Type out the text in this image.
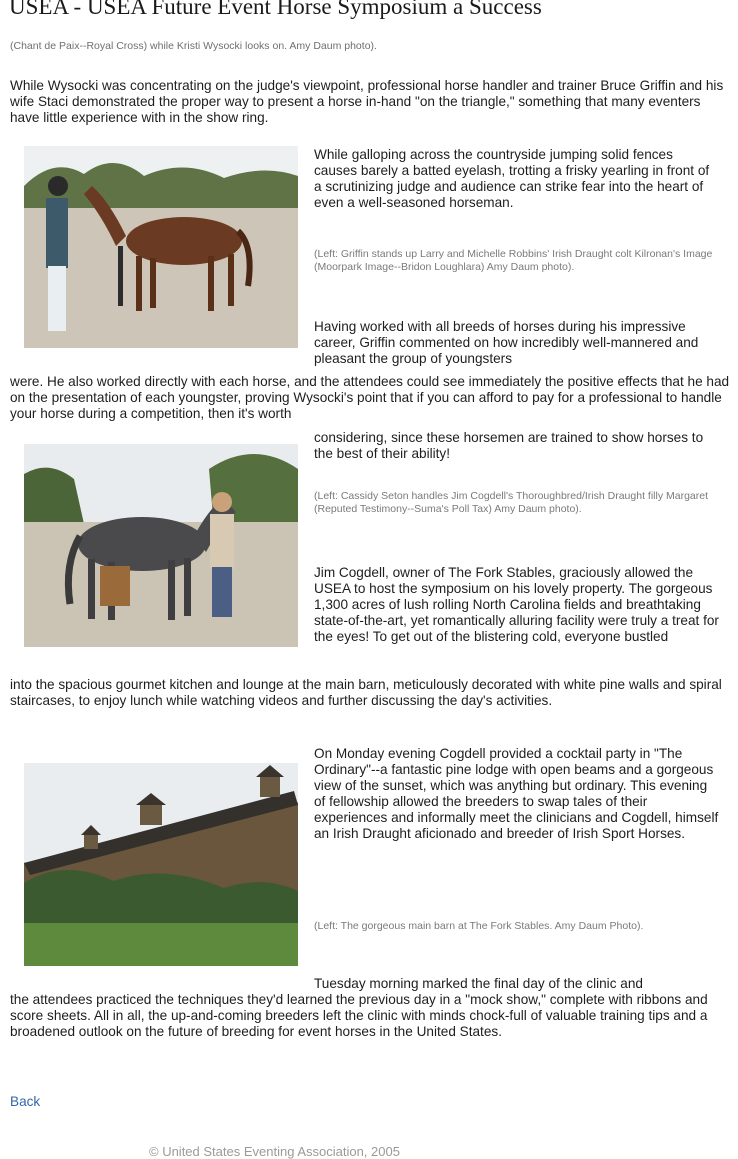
USEA - USEA Future Event Horse Symposium a Success

(Chant de Paix--Royal Cross) while Kristi Wysocki looks on. Amy Daum photo).

While Wysocki was concentrating on the judge's viewpoint, professional horse handler and trainer Bruce Griffin and his wife Staci demonstrated the proper way to present a horse in-hand "on the triangle," something that many eventers have little experience with in the show ring.

While galloping across the countryside jumping solid fences causes barely a batted eyelash, trotting a frisky yearling in front of a scrutinizing judge and audience can strike fear into the heart of even a well-seasoned horseman.

(Left: Griffin stands up Larry and Michelle Robbins' Irish Draught colt Kilronan's Image (Moorpark Image--Bridon Loughlara) Amy Daum photo).

Having worked with all breeds of horses during his impressive career, Griffin commented on how incredibly well-mannered and pleasant the group of youngsters

were. He also worked directly with each horse, and the attendees could see immediately the positive effects that he had on the presentation of each youngster, proving Wysocki's point that if you can afford to pay for a professional to handle your horse during a competition, then it's worth

considering, since these horsemen are trained to show horses to the best of their ability!

(Left: Cassidy Seton handles Jim Cogdell's Thoroughbred/Irish Draught filly Margaret (Reputed Testimony--Suma's Poll Tax) Amy Daum photo).

Jim Cogdell, owner of The Fork Stables, graciously allowed the USEA to host the symposium on his lovely property. The gorgeous 1,300 acres of lush rolling North Carolina fields and breathtaking state-of-the-art, yet romantically alluring facility were truly a treat for the eyes! To get out of the blistering cold, everyone bustled

into the spacious gourmet kitchen and lounge at the main barn, meticulously decorated with white pine walls and spiral staircases, to enjoy lunch while watching videos and further discussing the day's activities.

On Monday evening Cogdell provided a cocktail party in "The Ordinary"--a fantastic pine lodge with open beams and a gorgeous view of the sunset, which was anything but ordinary. This evening of fellowship allowed the breeders to swap tales of their experiences and informally meet the clinicians and Cogdell, himself an Irish Draught aficionado and breeder of Irish Sport Horses.

(Left: The gorgeous main barn at The Fork Stables. Amy Daum Photo).

Tuesday morning marked the final day of the clinic and

the attendees practiced the techniques they'd learned the previous day in a "mock show," complete with ribbons and score sheets. All in all, the up-and-coming breeders left the clinic with minds chock-full of valuable training tips and a broadened outlook on the future of breeding for event horses in the United States.

Back
© United States Eventing Association, 2005
